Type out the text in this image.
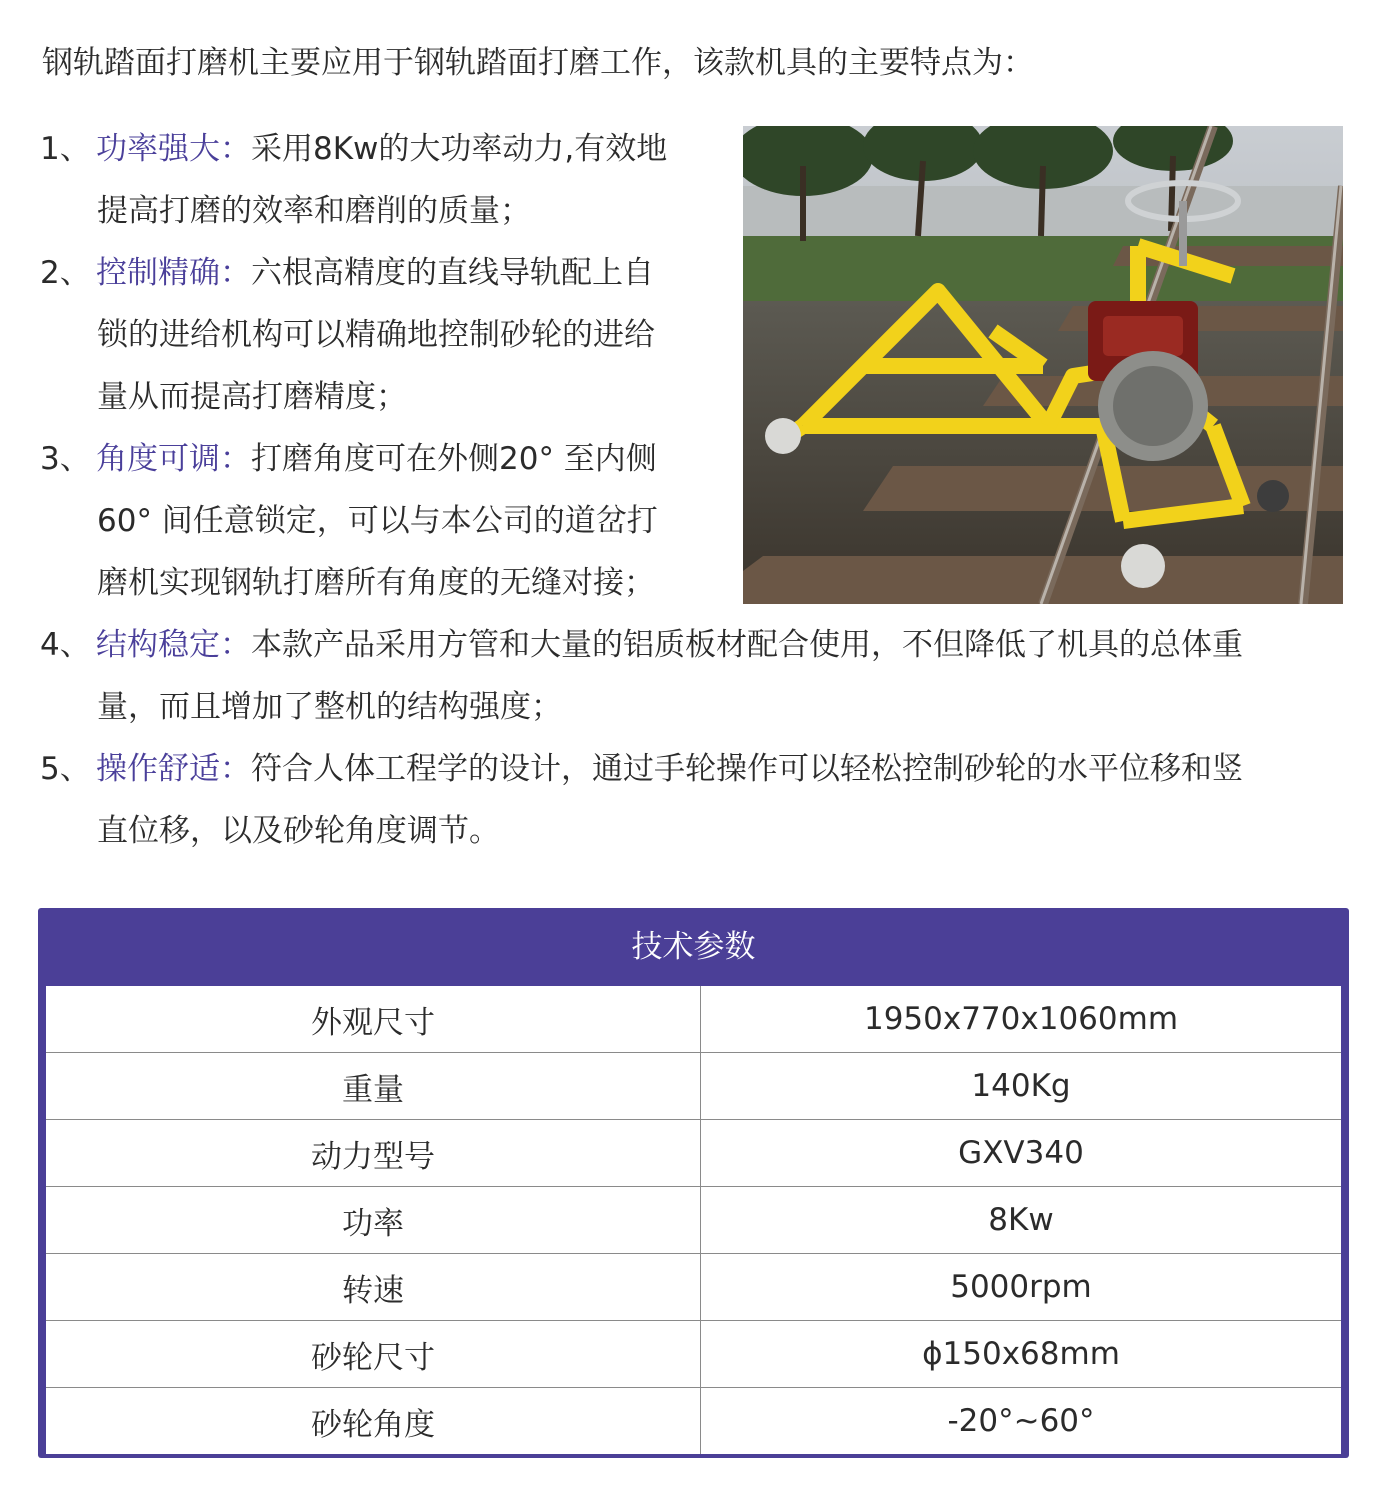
钢轨踏面打磨机主要应用于钢轨踏面打磨工作，该款机具的主要特点为：
1、 功率强大：采用8Kw的大功率动力,有效地
提高打磨的效率和磨削的质量；
2、 控制精确：六根高精度的直线导轨配上自
锁的进给机构可以精确地控制砂轮的进给
量从而提高打磨精度；
3、 角度可调：打磨角度可在外侧20° 至内侧
60° 间任意锁定，可以与本公司的道岔打
磨机实现钢轨打磨所有角度的无缝对接；
4、 结构稳定：本款产品采用方管和大量的铝质板材配合使用，不但降低了机具的总体重
量，而且增加了整机的结构强度；
5、 操作舒适：符合人体工程学的设计，通过手轮操作可以轻松控制砂轮的水平位移和竖
直位移，以及砂轮角度调节。
技术参数
外观尺寸	1950x770x1060mm
重量	140Kg
动力型号	GXV340
功率	8Kw
转速	5000rpm
砂轮尺寸	ϕ150x68mm
砂轮角度	-20°~60°
